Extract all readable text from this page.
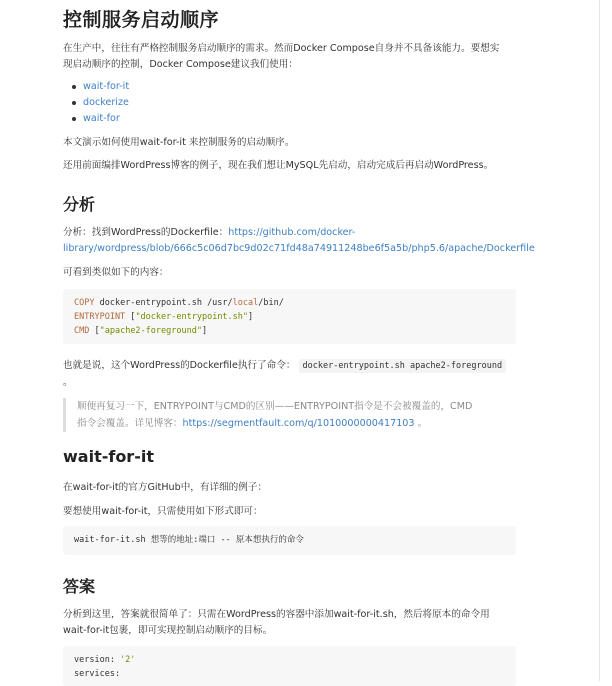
控制服务启动顺序

在生产中，往往有严格控制服务启动顺序的需求。然而Docker Compose自身并不具备该能力。要想实

现启动顺序的控制，Docker Compose建议我们使用：

wait-for-it
dockerize
wait-for

本文演示如何使用wait-for-it 来控制服务的启动顺序。

还用前面编排WordPress博客的例子，现在我们想让MySQL先启动，启动完成后再启动WordPress。

分析

分析：找到WordPress的Dockerfile：https://github.com/docker-

library/wordpress/blob/666c5c06d7bc9d02c71fd48a74911248be6f5a5b/php5.6/apache/Dockerfile

可看到类似如下的内容：

COPY docker-entrypoint.sh /usr/local/bin/
ENTRYPOINT ["docker-entrypoint.sh"]
CMD ["apache2-foreground"]

也就是说，这个WordPress的Dockerfile执行了命令： docker-entrypoint.sh apache2-foreground

。

顺便再复习一下，ENTRYPOINT与CMD的区别——ENTRYPOINT指令是不会被覆盖的，CMD

指令会覆盖。详见博客：https://segmentfault.com/q/1010000000417103 。

wait-for-it

在wait-for-it的官方GitHub中，有详细的例子：

要想使用wait-for-it，只需使用如下形式即可：

wait-for-it.sh 想等的地址:端口 -- 原本想执行的命令
答案

分析到这里，答案就很简单了：只需在WordPress的容器中添加wait-for-it.sh，然后将原本的命令用

wait-for-it包裹，即可实现控制启动顺序的目标。

version: '2'
services:
